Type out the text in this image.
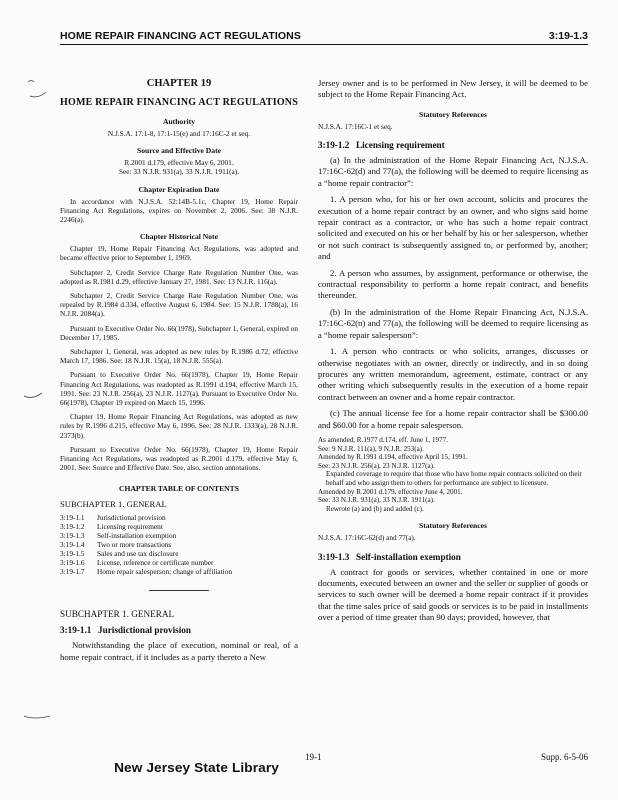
HOME REPAIR FINANCING ACT REGULATIONS	3:19-1.3
CHAPTER 19
HOME REPAIR FINANCING ACT REGULATIONS
Authority

N.J.S.A. 17:1-8, 17:1-15(e) and 17:16C-2 et seq.

Source and Effective Date

R.2001 d.179, effective May 6, 2001.

See: 33 N.J.R. 931(a), 33 N.J.R. 1911(a).

Chapter Expiration Date

In accordance with N.J.S.A. 52:14B-5.1c, Chapter 19, Home Repair Financing Act Regulations, expires on November 2, 2006. See: 38 N.J.R. 2246(a).

Chapter Historical Note

Chapter 19, Home Repair Financing Act Regulations, was adopted and became effective prior to September 1, 1969.

Subchapter 2, Credit Service Charge Rate Regulation Number One, was adopted as R.1981 d.29, effective January 27, 1981. See: 13 N.J.R. 116(a).

Subchapter 2, Credit Service Charge Rate Regulation Number One, was repealed by R.1984 d.334, effective August 6, 1984. See: 15 N.J.R. 1788(a), 16 N.J.R. 2084(a).

Pursuant to Executive Order No. 66(1978), Subchapter 1, General, expired on December 17, 1985.

Subchapter 1, General, was adopted as new rules by R.1986 d.72, effective March 17, 1986. See: 18 N.J.R. 15(a), 18 N.J.R. 555(a).

Pursuant to Executive Order No. 66(1978), Chapter 19, Home Repair Financing Act Regulations, was readopted as R.1991 d.194, effective March 15, 1991. See: 23 N.J.R. 256(a), 23 N.J.R. 1127(a). Pursuant to Executive Order No. 66(1978), Chapter 19 expired on March 15, 1996.

Chapter 19, Home Repair Financing Act Regulations, was adopted as new rules by R.1996 d.215, effective May 6, 1996. See: 28 N.J.R. 1333(a), 28 N.J.R. 2373(b).

Pursuant to Executive Order No. 66(1978), Chapter 19, Home Repair Financing Act Regulations, was readopted as R.2001 d.179, effective May 6, 2001. See: Source and Effective Date. See, also, section annotations.

CHAPTER TABLE OF CONTENTS
SUBCHAPTER 1. GENERAL
3:19-1.1	Jurisdictional provision
3:19-1.2	Licensing requirement
3:19-1.3	Self-installation exemption
3:19-1.4	Two or more transactions
3:19-1.5	Sales and use tax disclosure
3:19-1.6	License, reference or certificate number
3:19-1.7	Home repair salesperson; change of affiliation
SUBCHAPTER 1. GENERAL
3:19-1.1 Jurisdictional provision

Notwithstanding the place of execution, nominal or real, of a home repair contract, if it includes as a party thereto a New

Jersey owner and is to be performed in New Jersey, it will be deemed to be subject to the Home Repair Financing Act.

Statutory References

N.J.S.A. 17:16C-1 et seq.

3:19-1.2 Licensing requirement

(a) In the administration of the Home Repair Financing Act, N.J.S.A. 17:16C-62(d) and 77(a), the following will be deemed to require licensing as a “home repair contractor”:

1. A person who, for his or her own account, solicits and procures the execution of a home repair contract by an owner, and who signs said home repair contract as a contractor, or who has such a home repair contract solicited and executed on his or her behalf by his or her salesperson, whether or not such contract is subsequently assigned to, or performed by, another; and

2. A person who assumes, by assignment, performance or otherwise, the contractual responsibility to perform a home repair contract, and benefits thereunder.

(b) In the administration of the Home Repair Financing Act, N.J.S.A. 17:16C-62(n) and 77(a), the following will be deemed to require licensing as a “home repair salesperson”:

1. A person who contracts or who solicits, arranges, discusses or otherwise negotiates with an owner, directly or indirectly, and in so doing procures any written memorandum, agreement, estimate, contract or any other writing which subsequently results in the execution of a home repair contract between an owner and a home repair contractor.

(c) The annual license fee for a home repair contractor shall be $300.00 and $60.00 for a home repair salesperson.

As amended, R.1977 d.174, eff. June 1, 1977.

See: 9 N.J.R. 111(a), 9 N.J.R. 253(a).

Amended by R.1991 d.194, effective April 15, 1991.

See: 23 N.J.R. 256(a), 23 N.J.R. 1127(a).

Expanded coverage to require that those who have home repair contracts solicited on their behalf and who assign them to others for performance are subject to licensure.

Amended by R.2001 d.179, effective June 4, 2001.

See: 33 N.J.R. 931(a), 33 N.J.R. 1911(a).

Rewrote (a) and (b) and added (c).

Statutory References

N.J.S.A. 17:16C-62(d) and 77(a).

3:19-1.3 Self-installation exemption

A contract for goods or services, whether contained in one or more documents, executed between an owner and the seller or supplier of goods or services to such owner will be deemed a home repair contract if it provides that the time sales price of said goods or services is to be paid in installments over a period of time greater than 90 days; provided, however, that

19-1	Supp. 6-5-06
New Jersey State Library
